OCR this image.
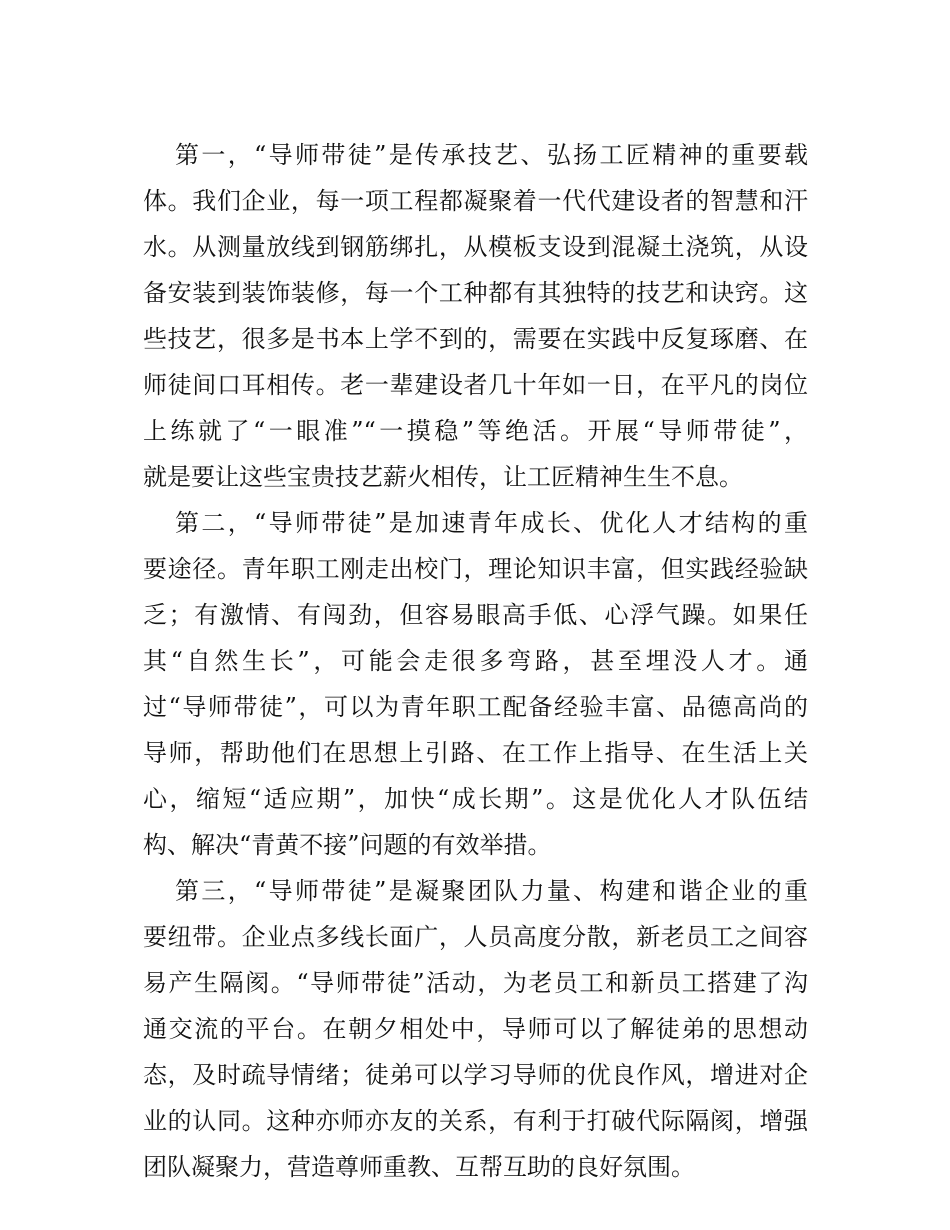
第一，“导师带徒”是传承技艺、弘扬工匠精神的重要载
体。我们企业，每一项工程都凝聚着一代代建设者的智慧和汗
水。从测量放线到钢筋绑扎，从模板支设到混凝土浇筑，从设
备安装到装饰装修，每一个工种都有其独特的技艺和诀窍。这
些技艺，很多是书本上学不到的，需要在实践中反复琢磨、在
师徒间口耳相传。老一辈建设者几十年如一日，在平凡的岗位
上练就了“一眼准”“一摸稳”等绝活。开展“导师带徒”，
就是要让这些宝贵技艺薪火相传，让工匠精神生生不息。
第二，“导师带徒”是加速青年成长、优化人才结构的重
要途径。青年职工刚走出校门，理论知识丰富，但实践经验缺
乏；有激情、有闯劲，但容易眼高手低、心浮气躁。如果任
其“自然生长”，可能会走很多弯路，甚至埋没人才。通
过“导师带徒”，可以为青年职工配备经验丰富、品德高尚的
导师，帮助他们在思想上引路、在工作上指导、在生活上关
心，缩短“适应期”，加快“成长期”。这是优化人才队伍结
构、解决“青黄不接”问题的有效举措。
第三，“导师带徒”是凝聚团队力量、构建和谐企业的重
要纽带。企业点多线长面广，人员高度分散，新老员工之间容
易产生隔阂。“导师带徒”活动，为老员工和新员工搭建了沟
通交流的平台。在朝夕相处中，导师可以了解徒弟的思想动
态，及时疏导情绪；徒弟可以学习导师的优良作风，增进对企
业的认同。这种亦师亦友的关系，有利于打破代际隔阂，增强
团队凝聚力，营造尊师重教、互帮互助的良好氛围。
